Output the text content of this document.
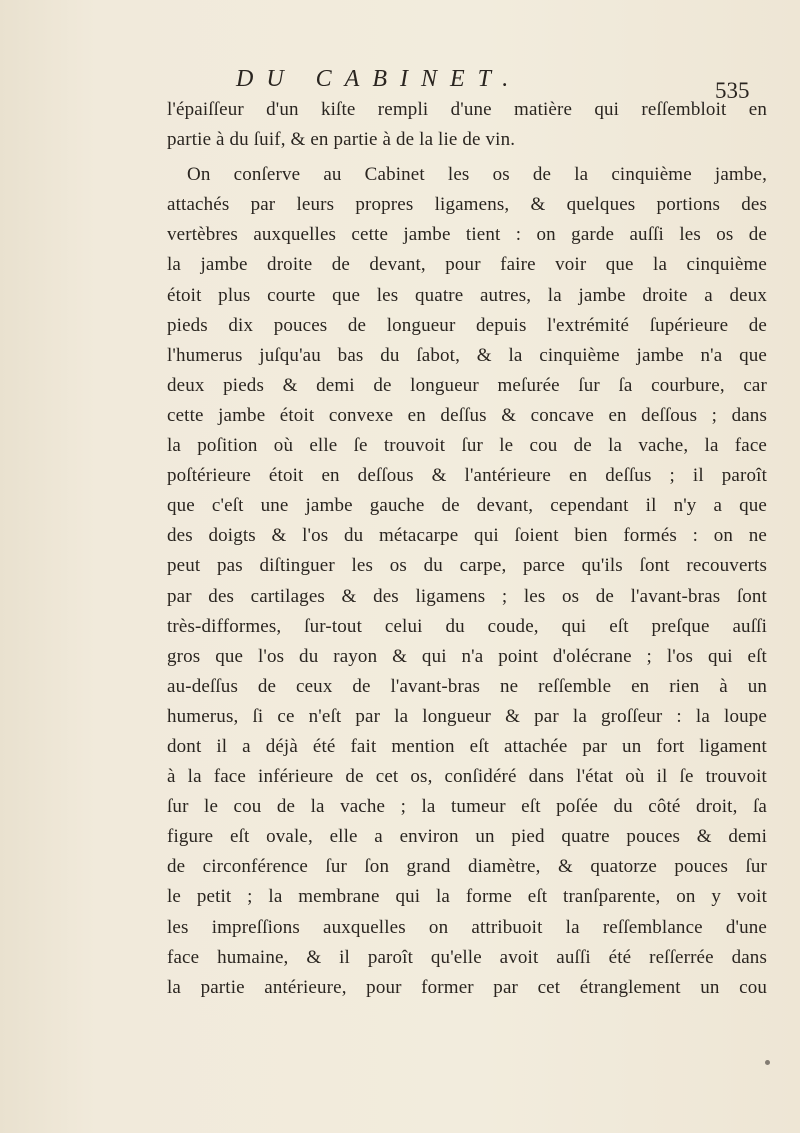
DU CABINET.	535
l'épaiſſeur d'un kiſte rempli d'une matière qui reſſembloit en
partie à du ſuif, & en partie à de la lie de vin.
On conſerve au Cabinet les os de la cinquième jambe,
attachés par leurs propres ligamens, & quelques portions des
vertèbres auxquelles cette jambe tient : on garde auſſi les os de
la jambe droite de devant, pour faire voir que la cinquième
étoit plus courte que les quatre autres, la jambe droite a deux
pieds dix pouces de longueur depuis l'extrémité ſupérieure de
l'humerus juſqu'au bas du ſabot, & la cinquième jambe n'a que
deux pieds & demi de longueur meſurée ſur ſa courbure, car
cette jambe étoit convexe en deſſus & concave en deſſous ; dans
la poſition où elle ſe trouvoit ſur le cou de la vache, la face
poſtérieure étoit en deſſous & l'antérieure en deſſus ; il paroît
que c'eſt une jambe gauche de devant, cependant il n'y a que
des doigts & l'os du métacarpe qui ſoient bien formés : on ne
peut pas diſtinguer les os du carpe, parce qu'ils ſont recouverts
par des cartilages & des ligamens ; les os de l'avant-bras ſont
très-difformes, ſur-tout celui du coude, qui eſt preſque auſſi
gros que l'os du rayon & qui n'a point d'olécrane ; l'os qui eſt
au-deſſus de ceux de l'avant-bras ne reſſemble en rien à un
humerus, ſi ce n'eſt par la longueur & par la groſſeur : la loupe
dont il a déjà été fait mention eſt attachée par un fort ligament
à la face inférieure de cet os, conſidéré dans l'état où il ſe trouvoit
ſur le cou de la vache ; la tumeur eſt poſée du côté droit, ſa
figure eſt ovale, elle a environ un pied quatre pouces & demi
de circonférence ſur ſon grand diamètre, & quatorze pouces ſur
le petit ; la membrane qui la forme eſt tranſparente, on y voit
les impreſſions auxquelles on attribuoit la reſſemblance d'une
face humaine, & il paroît qu'elle avoit auſſi été reſſerrée dans
la partie antérieure, pour former par cet étranglement un cou
